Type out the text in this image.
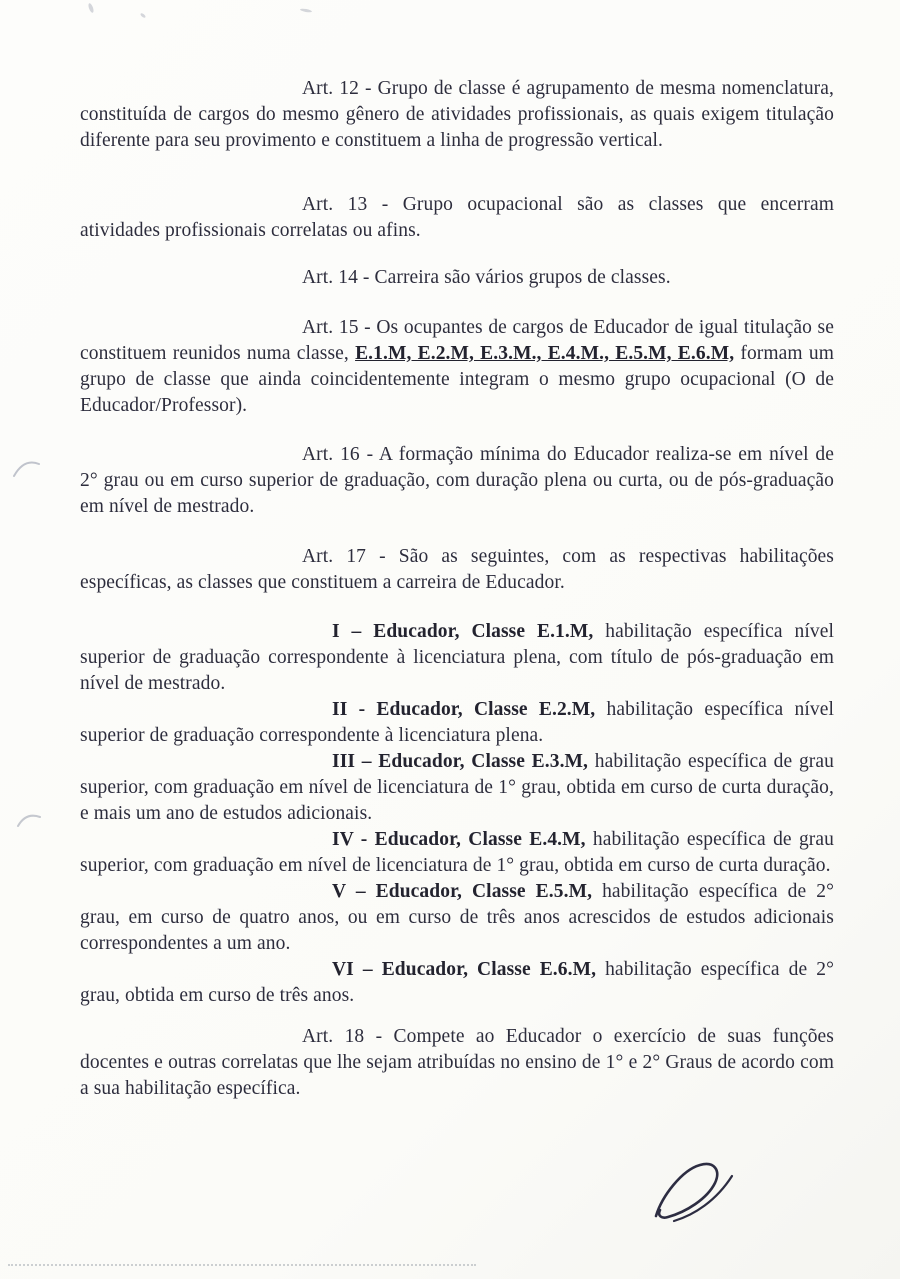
Art. 12 - Grupo de classe é agrupamento de mesma nomenclatura, constituída de cargos do mesmo gênero de atividades profissionais, as quais exigem titulação diferente para seu provimento e constituem a linha de progressão vertical.

Art. 13 - Grupo ocupacional são as classes que encerram atividades profissionais correlatas ou afins.

Art. 14 - Carreira são vários grupos de classes.

Art. 15 - Os ocupantes de cargos de Educador de igual titulação se constituem reunidos numa classe, E.1.M, E.2.M, E.3.M., E.4.M., E.5.M, E.6.M, formam um grupo de classe que ainda coincidentemente integram o mesmo grupo ocupacional (O de Educador/Professor).

Art. 16 - A formação mínima do Educador realiza-se em nível de 2° grau ou em curso superior de graduação, com duração plena ou curta, ou de pós-graduação em nível de mestrado.

Art. 17 - São as seguintes, com as respectivas habilitações específicas, as classes que constituem a carreira de Educador.

I – Educador, Classe E.1.M, habilitação específica nível superior de graduação correspondente à licenciatura plena, com título de pós-graduação em nível de mestrado.

II - Educador, Classe E.2.M, habilitação específica nível superior de graduação correspondente à licenciatura plena.

III – Educador, Classe E.3.M, habilitação específica de grau superior, com graduação em nível de licenciatura de 1° grau, obtida em curso de curta duração, e mais um ano de estudos adicionais.

IV - Educador, Classe E.4.M, habilitação específica de grau superior, com graduação em nível de licenciatura de 1° grau, obtida em curso de curta duração.

V – Educador, Classe E.5.M, habilitação específica de 2° grau, em curso de quatro anos, ou em curso de três anos acrescidos de estudos adicionais correspondentes a um ano.

VI – Educador, Classe E.6.M, habilitação específica de 2° grau, obtida em curso de três anos.

Art. 18 - Compete ao Educador o exercício de suas funções docentes e outras correlatas que lhe sejam atribuídas no ensino de 1° e 2° Graus de acordo com a sua habilitação específica.
